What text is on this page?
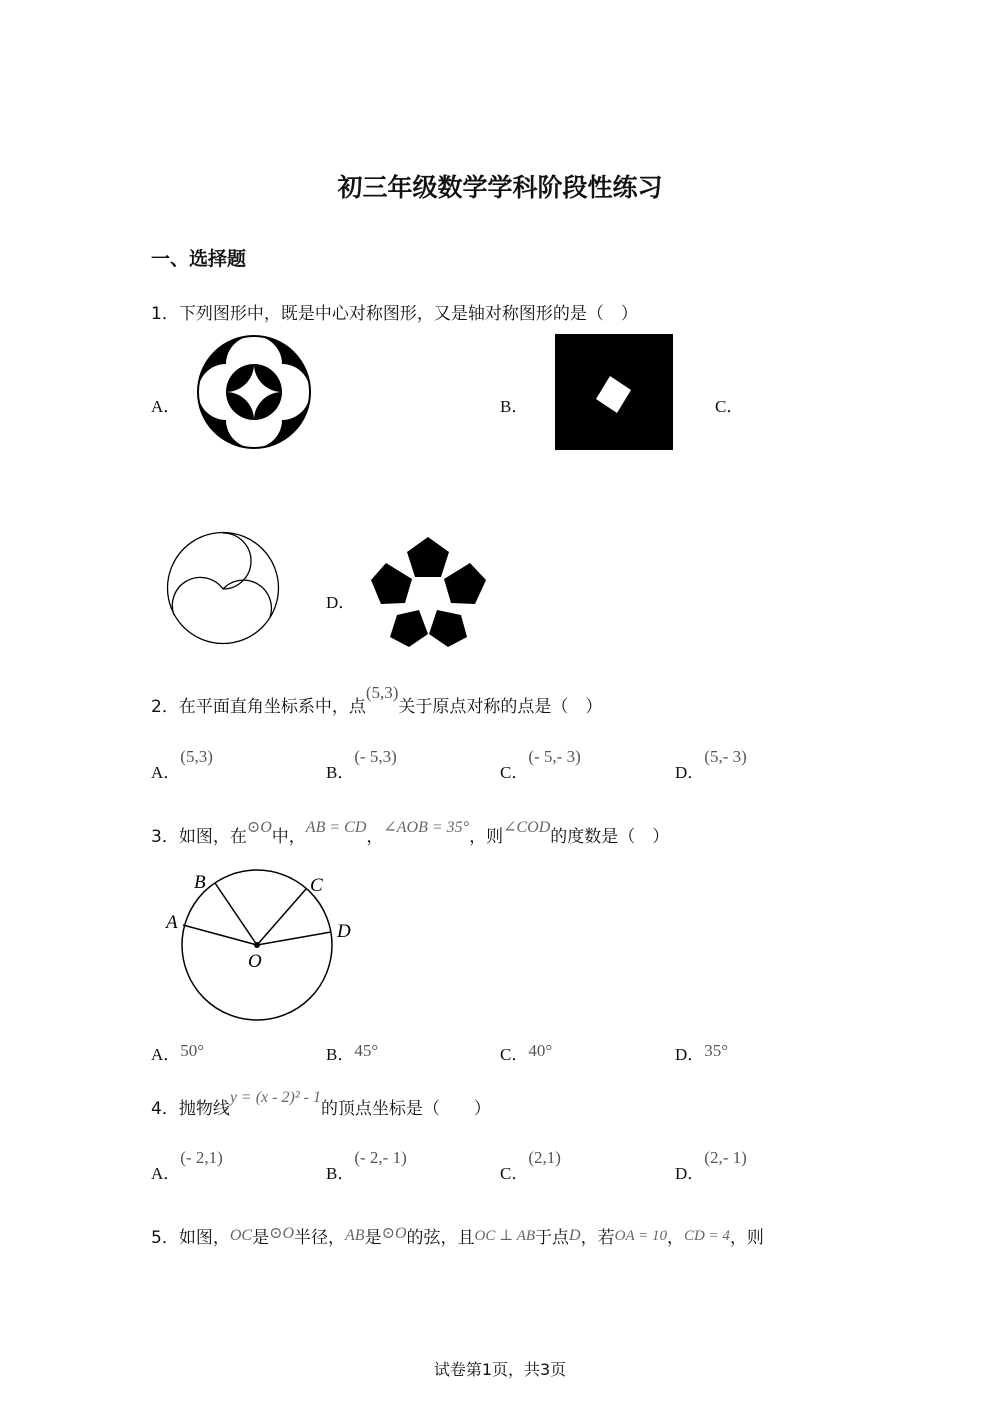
初三年级数学学科阶段性练习
一、选择题
1．下列图形中，既是中心对称图形，又是轴对称图形的是（　）
A．	B．	C．
D．
2．在平面直角坐标系中，点(5,3)关于原点对称的点是（　）
A．(5,3)
B．(- 5,3)
C．(- 5,- 3)
D．(5,- 3)
3．如图，在⊙O中，AB = CD，∠AOB = 35°，则∠COD的度数是（　）
B	C
A	D
O
A．50°	B．45°	C．40°	D．35°
4．抛物线y = (x - 2)² - 1的顶点坐标是（　　）
A．(- 2,1)
B．(- 2,- 1)
C．(2,1)
D．(2,- 1)
5．如图，OC是⊙O半径，AB是⊙O的弦，且OC ⊥ AB于点D，若OA = 10，CD = 4，则
试卷第1页，共3页
